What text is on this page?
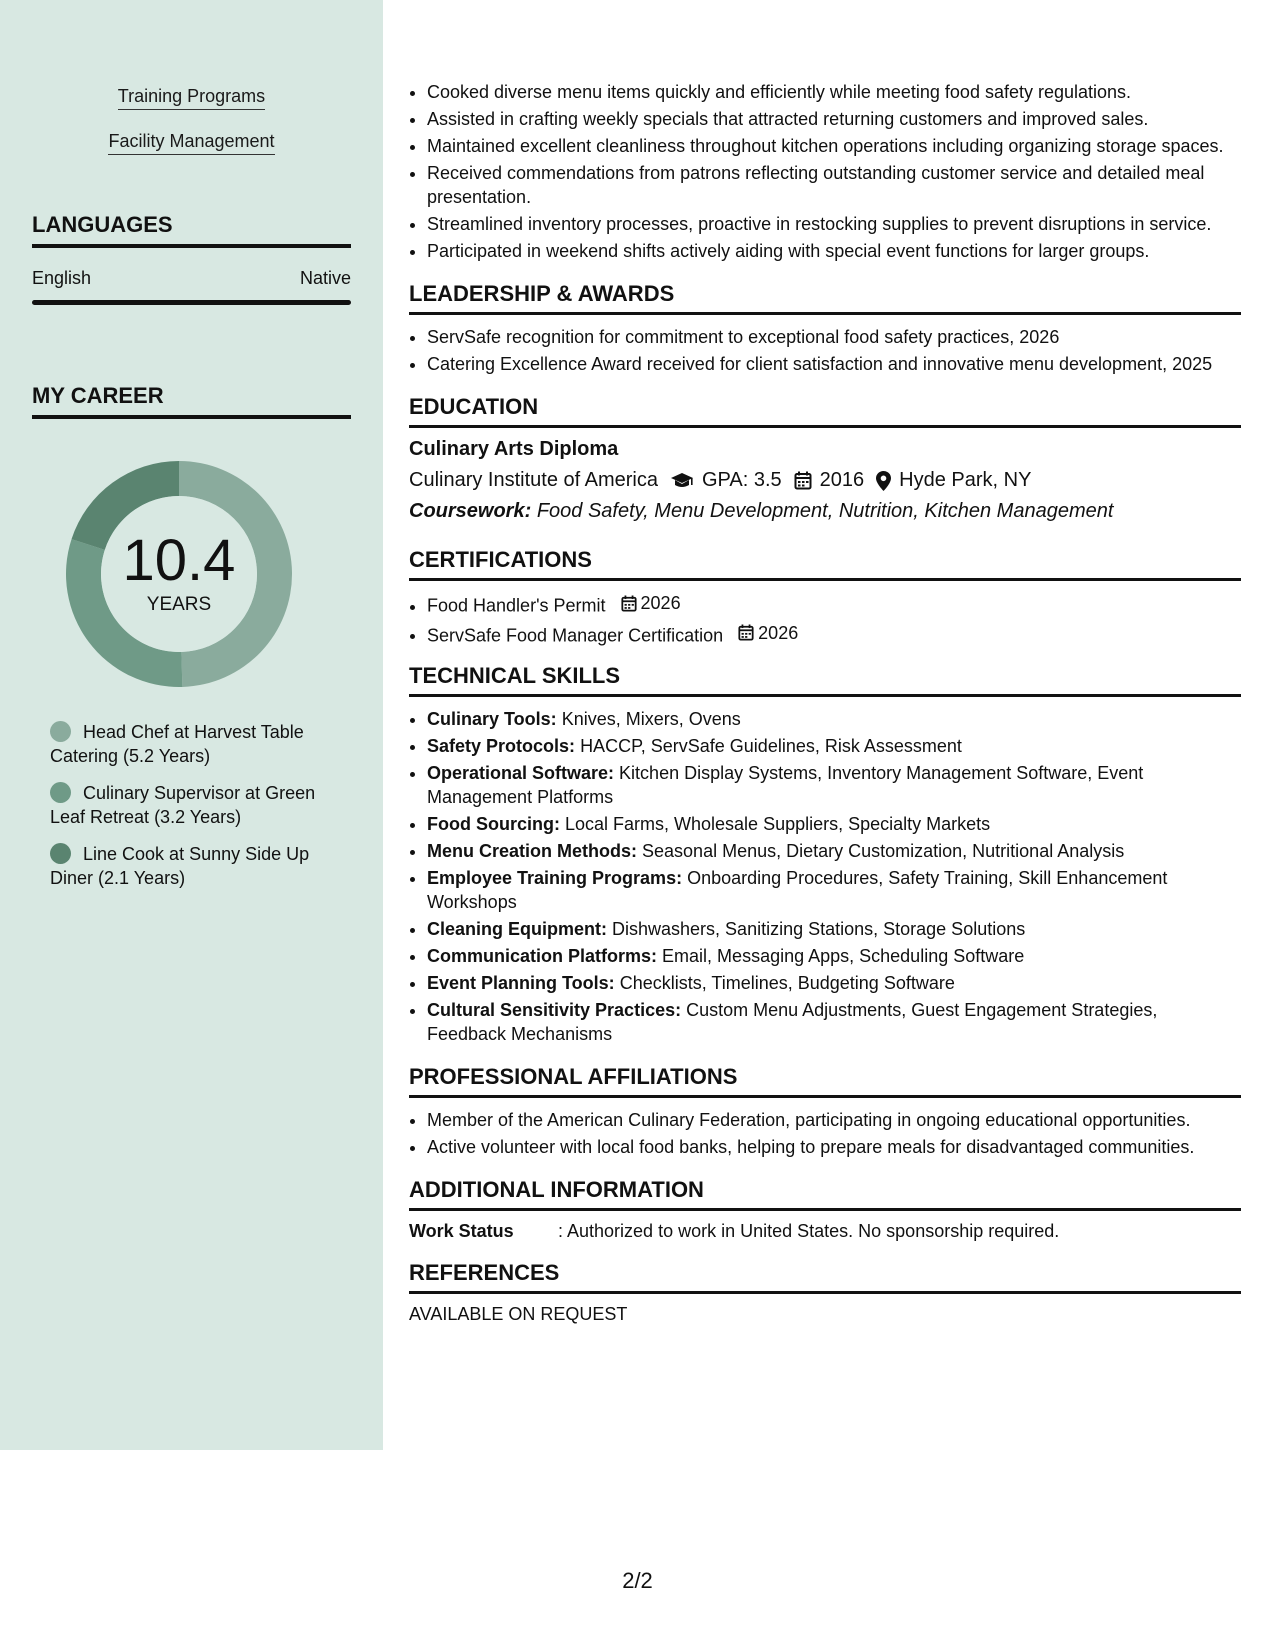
Training Programs
Facility Management
LANGUAGES
English	Native
MY CAREER
10.4
YEARS
Head Chef at Harvest Table Catering (5.2 Years)
Culinary Supervisor at Green Leaf Retreat (3.2 Years)
Line Cook at Sunny Side Up Diner (2.1 Years)
• Cooked diverse menu items quickly and efficiently while meeting food safety regulations.
• Assisted in crafting weekly specials that attracted returning customers and improved sales.
• Maintained excellent cleanliness throughout kitchen operations including organizing storage spaces.
• Received commendations from patrons reflecting outstanding customer service and detailed meal presentation.
• Streamlined inventory processes, proactive in restocking supplies to prevent disruptions in service.
• Participated in weekend shifts actively aiding with special event functions for larger groups.
LEADERSHIP & AWARDS
• ServSafe recognition for commitment to exceptional food safety practices, 2026
• Catering Excellence Award received for client satisfaction and innovative menu development, 2025
EDUCATION
Culinary Arts Diploma
Culinary Institute of America GPA: 3.5 2016 Hyde Park, NY
Coursework: Food Safety, Menu Development, Nutrition, Kitchen Management
CERTIFICATIONS
• Food Handler's Permit 2026
• ServSafe Food Manager Certification 2026
TECHNICAL SKILLS
• Culinary Tools: Knives, Mixers, Ovens
• Safety Protocols: HACCP, ServSafe Guidelines, Risk Assessment
• Operational Software: Kitchen Display Systems, Inventory Management Software, Event Management Platforms
• Food Sourcing: Local Farms, Wholesale Suppliers, Specialty Markets
• Menu Creation Methods: Seasonal Menus, Dietary Customization, Nutritional Analysis
• Employee Training Programs: Onboarding Procedures, Safety Training, Skill Enhancement Workshops
• Cleaning Equipment: Dishwashers, Sanitizing Stations, Storage Solutions
• Communication Platforms: Email, Messaging Apps, Scheduling Software
• Event Planning Tools: Checklists, Timelines, Budgeting Software
• Cultural Sensitivity Practices: Custom Menu Adjustments, Guest Engagement Strategies, Feedback Mechanisms
PROFESSIONAL AFFILIATIONS
• Member of the American Culinary Federation, participating in ongoing educational opportunities.
• Active volunteer with local food banks, helping to prepare meals for disadvantaged communities.
ADDITIONAL INFORMATION
Work Status	: Authorized to work in United States. No sponsorship required.
REFERENCES
AVAILABLE ON REQUEST
2/2
